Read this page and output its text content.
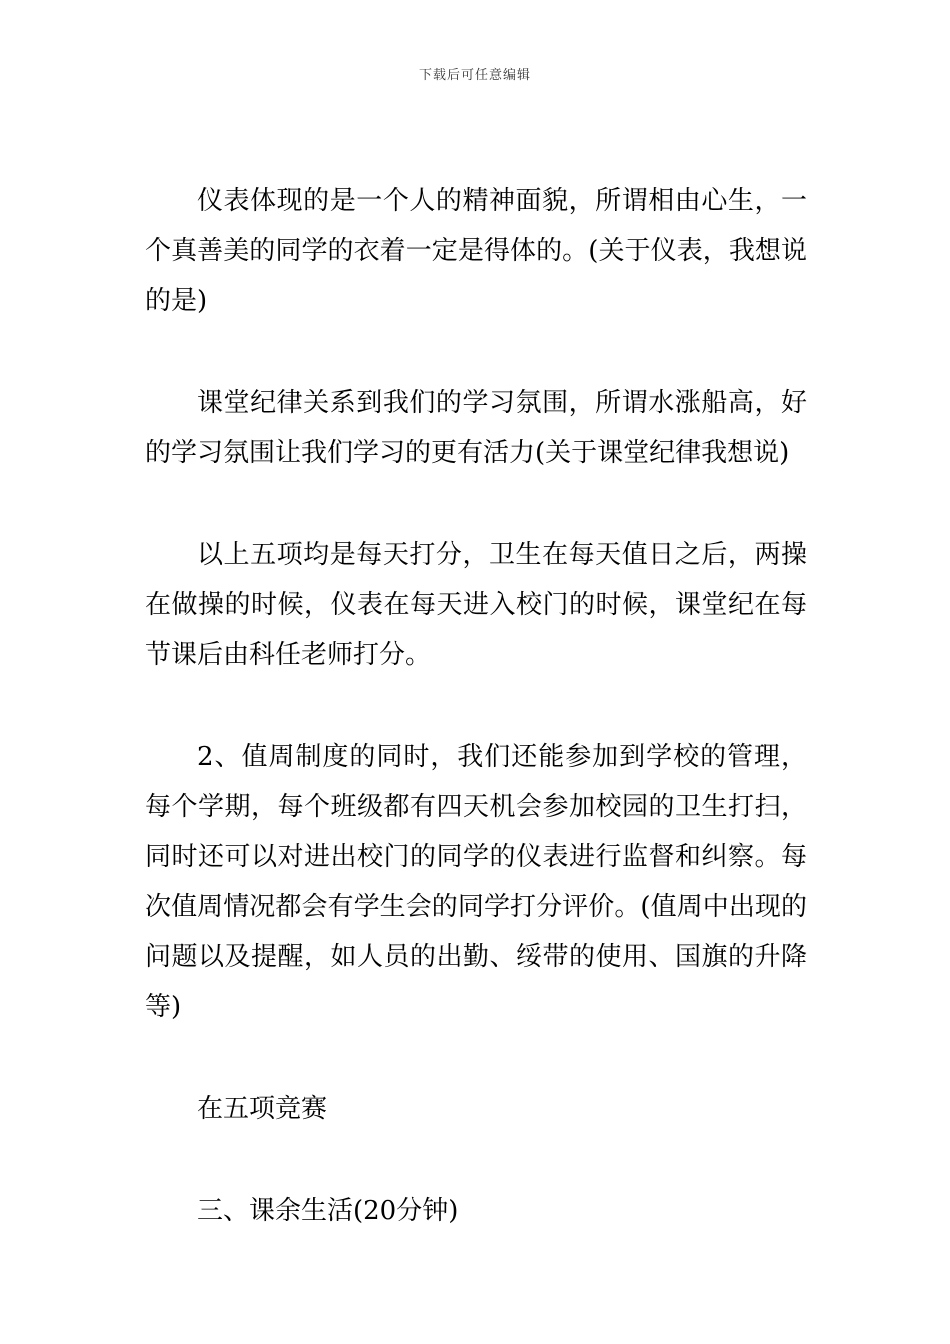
下载后可任意编辑

仪表体现的是一个人的精神面貌，所谓相由心生，一个真善美的同学的衣着一定是得体的。(关于仪表，我想说的是)

课堂纪律关系到我们的学习氛围，所谓水涨船高，好的学习氛围让我们学习的更有活力(关于课堂纪律我想说)

以上五项均是每天打分，卫生在每天值日之后，两操在做操的时候，仪表在每天进入校门的时候，课堂纪在每节课后由科任老师打分。

2、值周制度的同时，我们还能参加到学校的管理，每个学期，每个班级都有四天机会参加校园的卫生打扫，同时还可以对进出校门的同学的仪表进行监督和纠察。每次值周情况都会有学生会的同学打分评价。(值周中出现的问题以及提醒，如人员的出勤、绥带的使用、国旗的升降等)

在五项竞赛

三、课余生活(20分钟)
